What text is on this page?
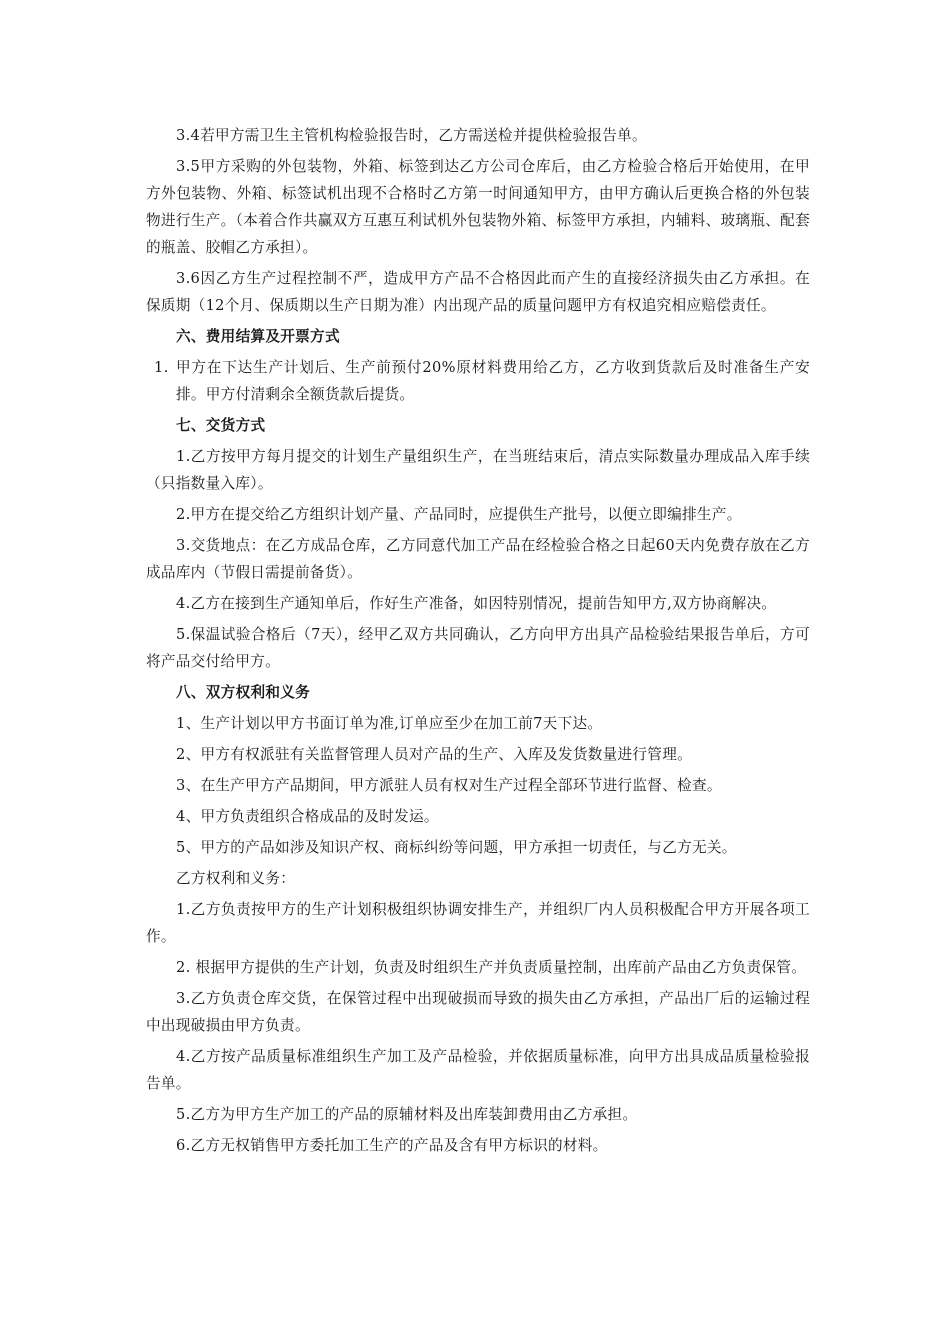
3.4若甲方需卫生主管机构检验报告时，乙方需送检并提供检验报告单。

3.5甲方采购的外包装物，外箱、标签到达乙方公司仓库后，由乙方检验合格后开始使用，在甲方外包装物、外箱、标签试机出现不合格时乙方第一时间通知甲方，由甲方确认后更换合格的外包装物进行生产。（本着合作共赢双方互惠互利试机外包装物外箱、标签甲方承担，内辅料、玻璃瓶、配套的瓶盖、胶帽乙方承担）。

3.6因乙方生产过程控制不严，造成甲方产品不合格因此而产生的直接经济损失由乙方承担。在保质期（12个月、保质期以生产日期为准）内出现产品的质量问题甲方有权追究相应赔偿责任。

六、费用结算及开票方式

1. 甲方在下达生产计划后、生产前预付20%原材料费用给乙方，乙方收到货款后及时准备生产安排。甲方付清剩余全额货款后提货。

七、交货方式

1.乙方按甲方每月提交的计划生产量组织生产，在当班结束后，清点实际数量办理成品入库手续（只指数量入库）。

2.甲方在提交给乙方组织计划产量、产品同时，应提供生产批号，以便立即编排生产。

3.交货地点：在乙方成品仓库，乙方同意代加工产品在经检验合格之日起60天内免费存放在乙方成品库内（节假日需提前备货）。

4.乙方在接到生产通知单后，作好生产准备，如因特别情况，提前告知甲方,双方协商解决。

5.保温试验合格后（7天），经甲乙双方共同确认，乙方向甲方出具产品检验结果报告单后，方可将产品交付给甲方。

八、双方权利和义务

1、生产计划以甲方书面订单为准,订单应至少在加工前7天下达。

2、甲方有权派驻有关监督管理人员对产品的生产、入库及发货数量进行管理。

3、在生产甲方产品期间，甲方派驻人员有权对生产过程全部环节进行监督、检查。

4、甲方负责组织合格成品的及时发运。

5、甲方的产品如涉及知识产权、商标纠纷等问题，甲方承担一切责任，与乙方无关。

乙方权利和义务：

1.乙方负责按甲方的生产计划积极组织协调安排生产，并组织厂内人员积极配合甲方开展各项工作。

2. 根据甲方提供的生产计划，负责及时组织生产并负责质量控制，出库前产品由乙方负责保管。

3.乙方负责仓库交货，在保管过程中出现破损而导致的损失由乙方承担，产品出厂后的运输过程中出现破损由甲方负责。

4.乙方按产品质量标准组织生产加工及产品检验，并依据质量标准，向甲方出具成品质量检验报告单。

5.乙方为甲方生产加工的产品的原辅材料及出库装卸费用由乙方承担。

6.乙方无权销售甲方委托加工生产的产品及含有甲方标识的材料。
